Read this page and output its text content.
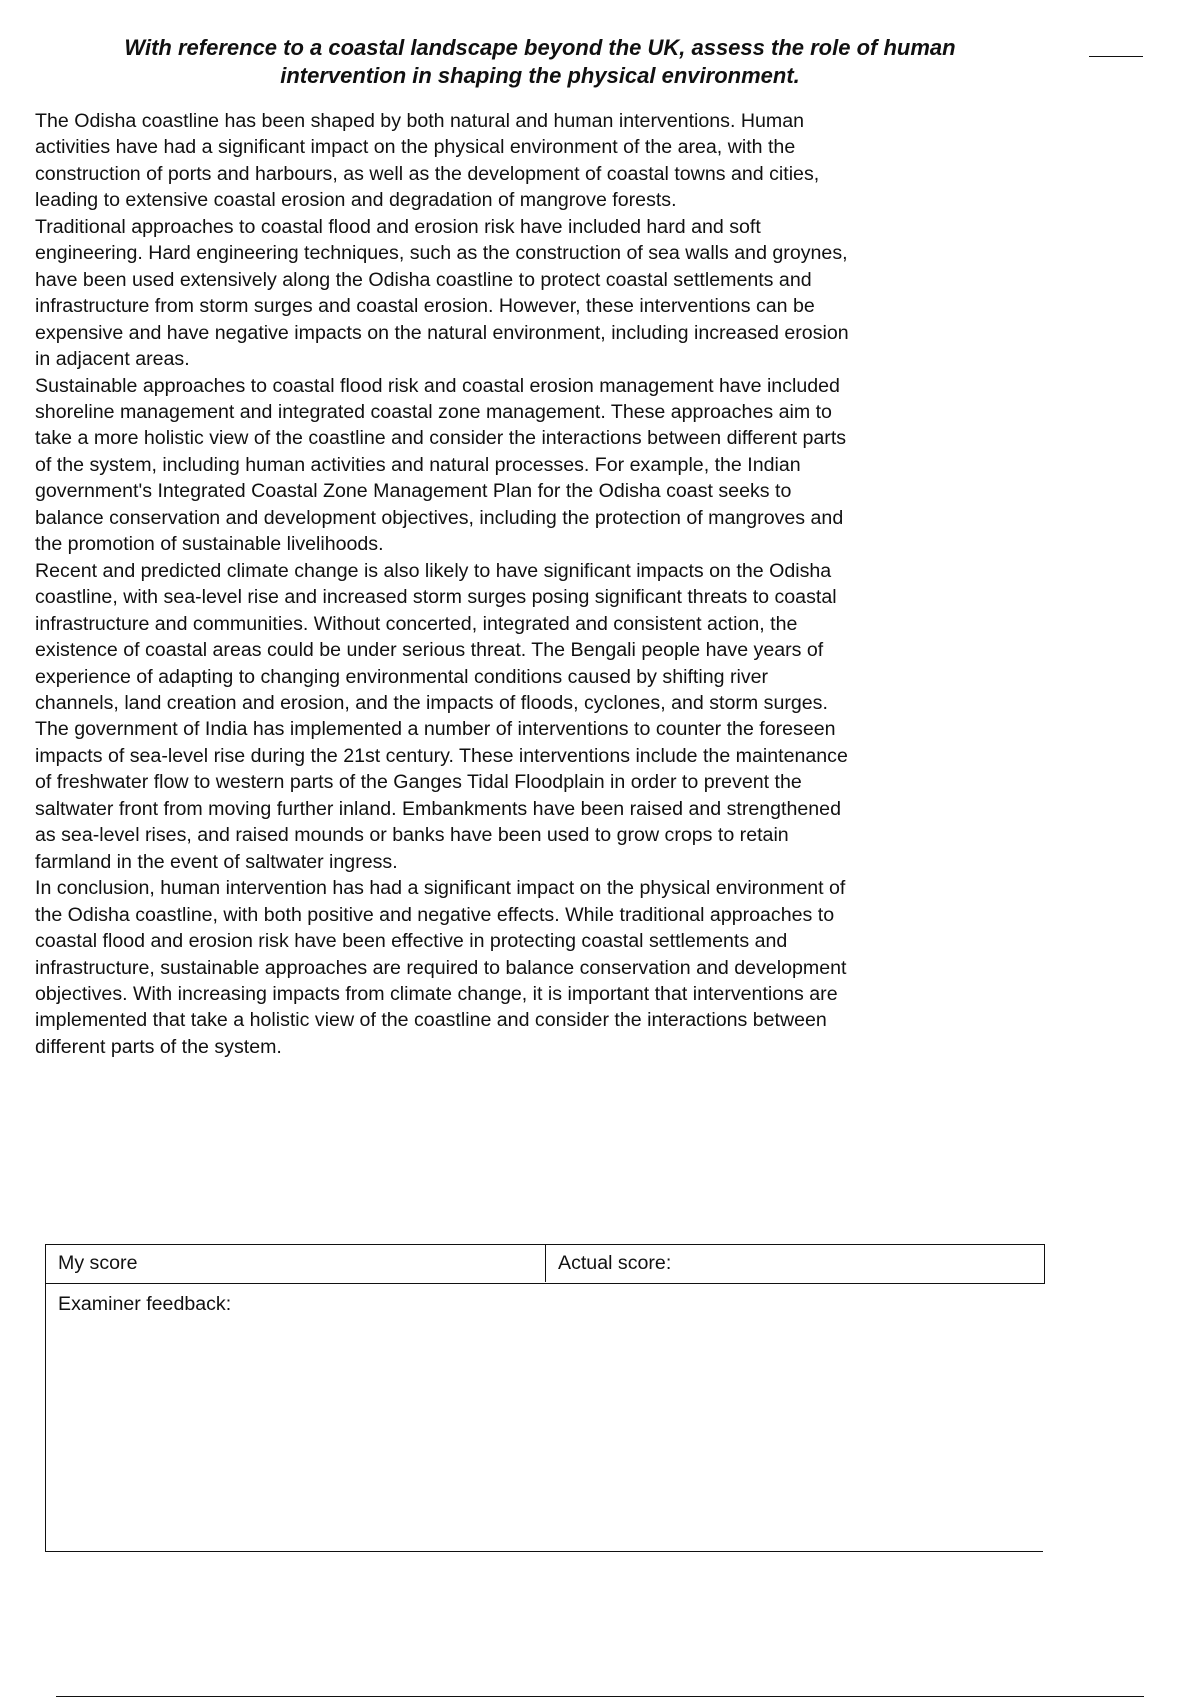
With reference to a coastal landscape beyond the UK, assess the role of human intervention in shaping the physical environment.

The Odisha coastline has been shaped by both natural and human interventions. Human activities have had a significant impact on the physical environment of the area, with the construction of ports and harbours, as well as the development of coastal towns and cities, leading to extensive coastal erosion and degradation of mangrove forests.

Traditional approaches to coastal flood and erosion risk have included hard and soft engineering. Hard engineering techniques, such as the construction of sea walls and groynes, have been used extensively along the Odisha coastline to protect coastal settlements and infrastructure from storm surges and coastal erosion. However, these interventions can be expensive and have negative impacts on the natural environment, including increased erosion in adjacent areas.

Sustainable approaches to coastal flood risk and coastal erosion management have included shoreline management and integrated coastal zone management. These approaches aim to take a more holistic view of the coastline and consider the interactions between different parts of the system, including human activities and natural processes. For example, the Indian government's Integrated Coastal Zone Management Plan for the Odisha coast seeks to balance conservation and development objectives, including the protection of mangroves and the promotion of sustainable livelihoods.

Recent and predicted climate change is also likely to have significant impacts on the Odisha coastline, with sea-level rise and increased storm surges posing significant threats to coastal infrastructure and communities. Without concerted, integrated and consistent action, the existence of coastal areas could be under serious threat. The Bengali people have years of experience of adapting to changing environmental conditions caused by shifting river channels, land creation and erosion, and the impacts of floods, cyclones, and storm surges.

The government of India has implemented a number of interventions to counter the foreseen impacts of sea-level rise during the 21st century. These interventions include the maintenance of freshwater flow to western parts of the Ganges Tidal Floodplain in order to prevent the saltwater front from moving further inland. Embankments have been raised and strengthened as sea-level rises, and raised mounds or banks have been used to grow crops to retain farmland in the event of saltwater ingress.

In conclusion, human intervention has had a significant impact on the physical environment of the Odisha coastline, with both positive and negative effects. While traditional approaches to coastal flood and erosion risk have been effective in protecting coastal settlements and infrastructure, sustainable approaches are required to balance conservation and development objectives. With increasing impacts from climate change, it is important that interventions are implemented that take a holistic view of the coastline and consider the interactions between different parts of the system.

My score	Actual score:
Examiner feedback:
